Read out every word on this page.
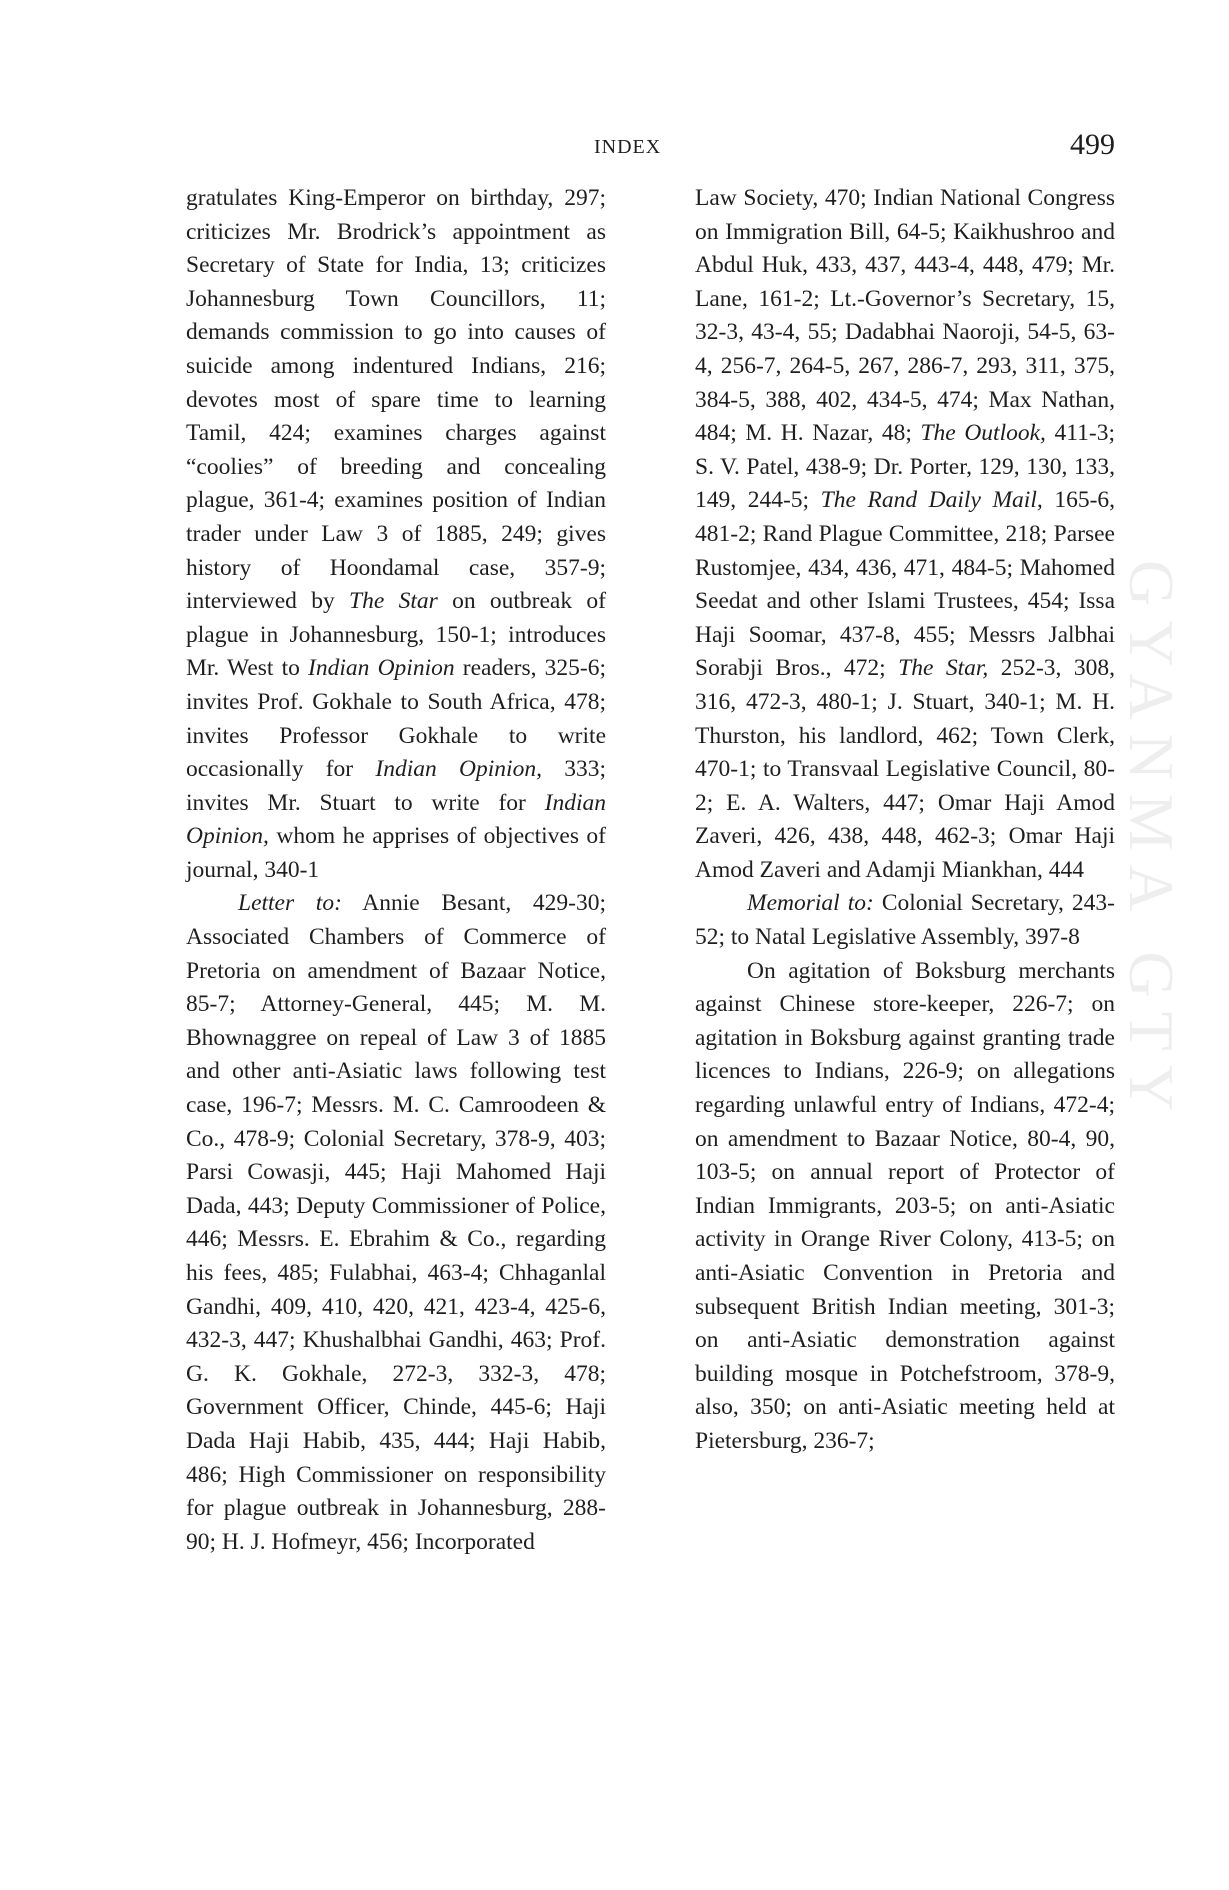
INDEX	499

gratulates King-Emperor on birthday, 297; criticizes Mr. Brodrick’s appointment as Secretary of State for India, 13; criticizes Johannesburg Town Councillors, 11; demands commission to go into causes of suicide among indentured Indians, 216; devotes most of spare time to learning Tamil, 424; examines charges against “coolies” of breeding and concealing plague, 361-4; examines position of Indian trader under Law 3 of 1885, 249; gives history of Hoondamal case, 357-9; interviewed by The Star on outbreak of plague in Johannesburg, 150-1; introduces Mr. West to Indian Opinion readers, 325-6; invites Prof. Gokhale to South Africa, 478; invites Professor Gokhale to write occasionally for Indian Opinion, 333; invites Mr. Stuart to write for Indian Opinion, whom he apprises of objectives of journal, 340-1

Letter to: Annie Besant, 429-30; Associated Chambers of Commerce of Pretoria on amendment of Bazaar Notice, 85-7; Attorney-General, 445; M. M. Bhownaggree on repeal of Law 3 of 1885 and other anti-Asiatic laws following test case, 196-7; Messrs. M. C. Camroodeen & Co., 478-9; Colonial Secretary, 378-9, 403; Parsi Cowasji, 445; Haji Mahomed Haji Dada, 443; Deputy Commissioner of Police, 446; Messrs. E. Ebrahim & Co., regarding his fees, 485; Fulabhai, 463-4; Chhaganlal Gandhi, 409, 410, 420, 421, 423-4, 425-6, 432-3, 447; Khushalbhai Gandhi, 463; Prof. G. K. Gokhale, 272-3, 332-3, 478; Government Officer, Chinde, 445-6; Haji Dada Haji Habib, 435, 444; Haji Habib, 486; High Commissioner on responsibility for plague outbreak in Johannesburg, 288-90; H. J. Hofmeyr, 456; Incorporated

Law Society, 470; Indian National Congress on Immigration Bill, 64-5; Kaikhushroo and Abdul Huk, 433, 437, 443-4, 448, 479; Mr. Lane, 161-2; Lt.-Governor’s Secretary, 15, 32-3, 43-4, 55; Dadabhai Naoroji, 54-5, 63-4, 256-7, 264-5, 267, 286-7, 293, 311, 375, 384-5, 388, 402, 434-5, 474; Max Nathan, 484; M. H. Nazar, 48; The Outlook, 411-3; S. V. Patel, 438-9; Dr. Porter, 129, 130, 133, 149, 244-5; The Rand Daily Mail, 165-6, 481-2; Rand Plague Committee, 218; Parsee Rustomjee, 434, 436, 471, 484-5; Mahomed Seedat and other Islami Trustees, 454; Issa Haji Soomar, 437-8, 455; Messrs Jalbhai Sorabji Bros., 472; The Star, 252-3, 308, 316, 472-3, 480-1; J. Stuart, 340-1; M. H. Thurston, his landlord, 462; Town Clerk, 470-1; to Transvaal Legislative Council, 80-2; E. A. Walters, 447; Omar Haji Amod Zaveri, 426, 438, 448, 462-3; Omar Haji Amod Zaveri and Adamji Miankhan, 444

Memorial to: Colonial Secretary, 243-52; to Natal Legislative Assembly, 397-8

On agitation of Boksburg merchants against Chinese store-keeper, 226-7; on agitation in Boksburg against granting trade licences to Indians, 226-9; on allegations regarding unlawful entry of Indians, 472-4; on amendment to Bazaar Notice, 80-4, 90, 103-5; on annual report of Protector of Indian Immigrants, 203-5; on anti-Asiatic activity in Orange River Colony, 413-5; on anti-Asiatic Convention in Pretoria and subsequent British Indian meeting, 301-3; on anti-Asiatic demonstration against building mosque in Potchefstroom, 378-9, also, 350; on anti-Asiatic meeting held at Pietersburg, 236-7;

GYANMA GTY
